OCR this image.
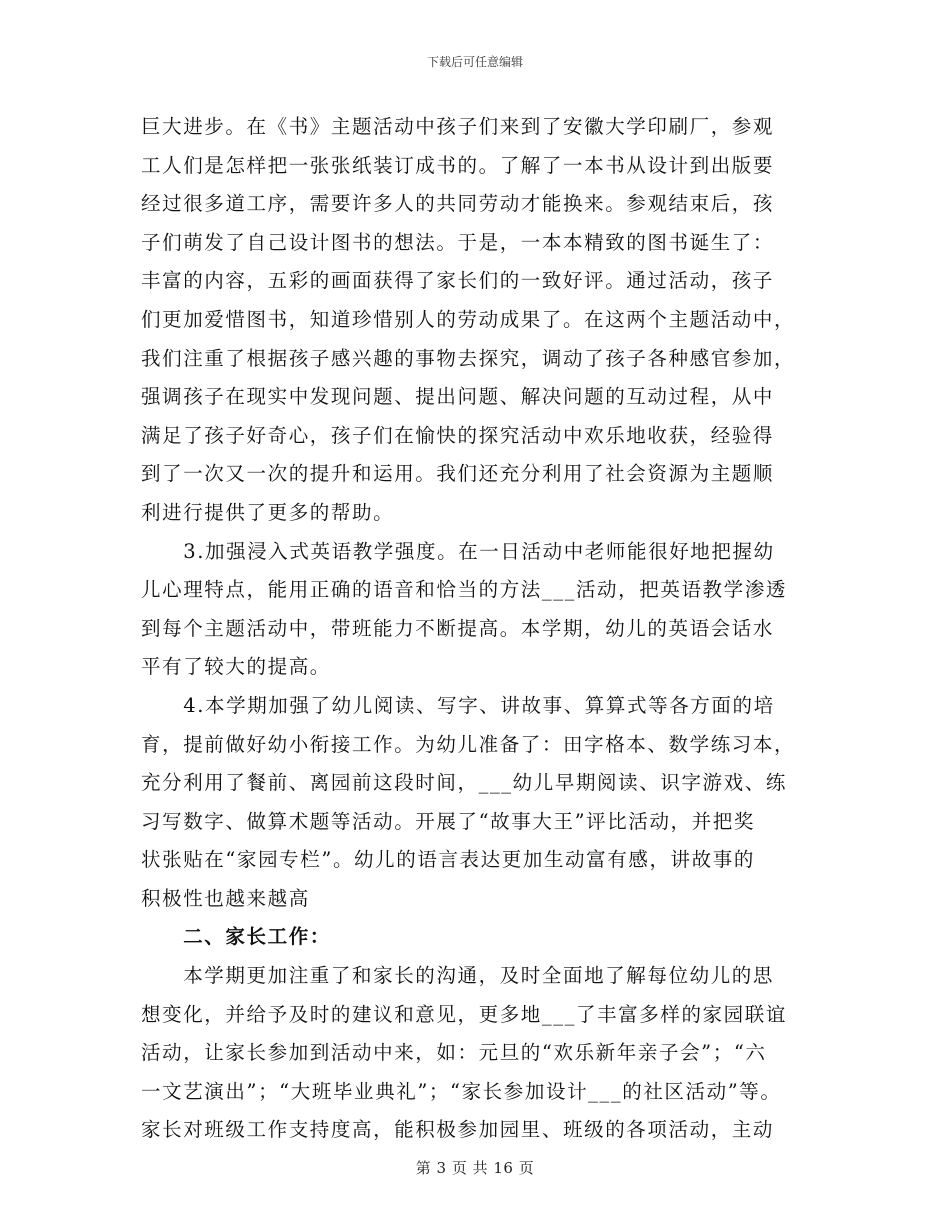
下载后可任意编辑
巨大进步。在《书》主题活动中孩子们来到了安徽大学印刷厂，参观
工人们是怎样把一张张纸装订成书的。了解了一本书从设计到出版要
经过很多道工序，需要许多人的共同劳动才能换来。参观结束后，孩
子们萌发了自己设计图书的想法。于是，一本本精致的图书诞生了：
丰富的内容，五彩的画面获得了家长们的一致好评。通过活动，孩子
们更加爱惜图书，知道珍惜别人的劳动成果了。在这两个主题活动中，
我们注重了根据孩子感兴趣的事物去探究，调动了孩子各种感官参加，
强调孩子在现实中发现问题、提出问题、解决问题的互动过程，从中
满足了孩子好奇心，孩子们在愉快的探究活动中欢乐地收获，经验得
到了一次又一次的提升和运用。我们还充分利用了社会资源为主题顺
利进行提供了更多的帮助。
　　3.加强浸入式英语教学强度。在一日活动中老师能很好地把握幼
儿心理特点，能用正确的语音和恰当的方法___活动，把英语教学渗透
到每个主题活动中，带班能力不断提高。本学期，幼儿的英语会话水
平有了较大的提高。
　　4.本学期加强了幼儿阅读、写字、讲故事、算算式等各方面的培
育，提前做好幼小衔接工作。为幼儿准备了：田字格本、数学练习本，
充分利用了餐前、离园前这段时间，___幼儿早期阅读、识字游戏、练
习写数字、做算术题等活动。开展了“故事大王”评比活动，并把奖
状张贴在“家园专栏”。幼儿的语言表达更加生动富有感，讲故事的
积极性也越来越高
　　二、家长工作：
　　本学期更加注重了和家长的沟通，及时全面地了解每位幼儿的思
想变化，并给予及时的建议和意见，更多地___了丰富多样的家园联谊
活动，让家长参加到活动中来，如：元旦的“欢乐新年亲子会”；“六
一文艺演出”；“大班毕业典礼”；“家长参加设计___的社区活动”等。
家长对班级工作支持度高，能积极参加园里、班级的各项活动，主动
第 3 页 共 16 页
